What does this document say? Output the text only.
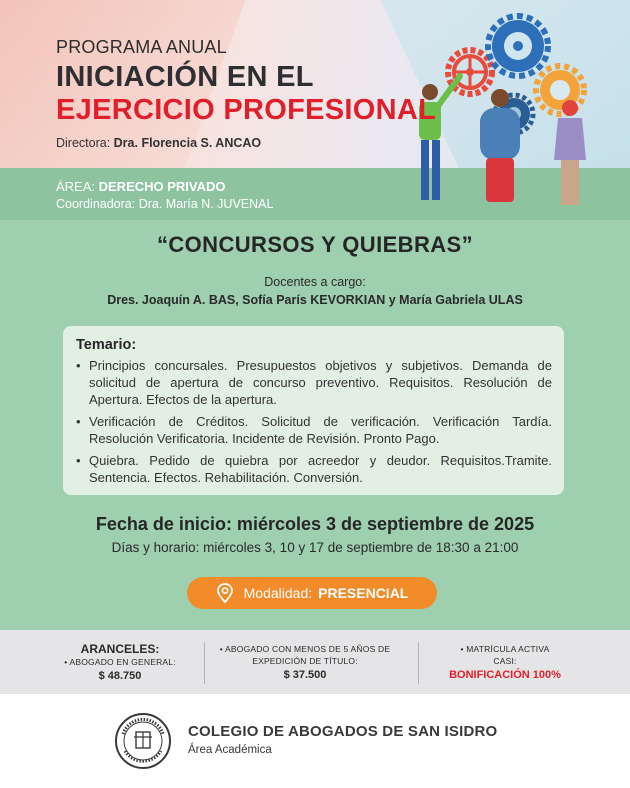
PROGRAMA ANUAL
INICIACIÓN EN EL
EJERCICIO PROFESIONAL
Directora: Dra. Florencia S. ANCAO
ÁREA: DERECHO PRIVADO
Coordinadora: Dra. María N. JUVENAL
“CONCURSOS Y QUIEBRAS”
Docentes a cargo:
Dres. Joaquín A. BAS, Sofía París KEVORKIAN y María Gabriela ULAS
Temario:
• Principios concursales. Presupuestos objetivos y subjetivos. Demanda de solicitud de apertura de concurso preventivo. Requisitos. Resolución de Apertura. Efectos de la apertura.
• Verificación de Créditos. Solicitud de verificación. Verificación Tardía. Resolución Verificatoria. Incidente de Revisión. Pronto Pago.
• Quiebra. Pedido de quiebra por acreedor y deudor. Requisitos.Tramite. Sentencia. Efectos. Rehabilitación. Conversión.
Fecha de inicio: miércoles 3 de septiembre de 2025
Días y horario: miércoles 3, 10 y 17 de septiembre de 18:30 a 21:00
Modalidad: PRESENCIAL
ARANCELES:
• ABOGADO EN GENERAL:
$ 48.750
• ABOGADO CON MENOS DE 5 AÑOS DE
EXPEDICIÓN DE TÍTULO:
$ 37.500
• MATRÍCULA ACTIVA
CASI:
BONIFICACIÓN 100%
COLEGIO DE ABOGADOS DE SAN ISIDRO
Área Académica
